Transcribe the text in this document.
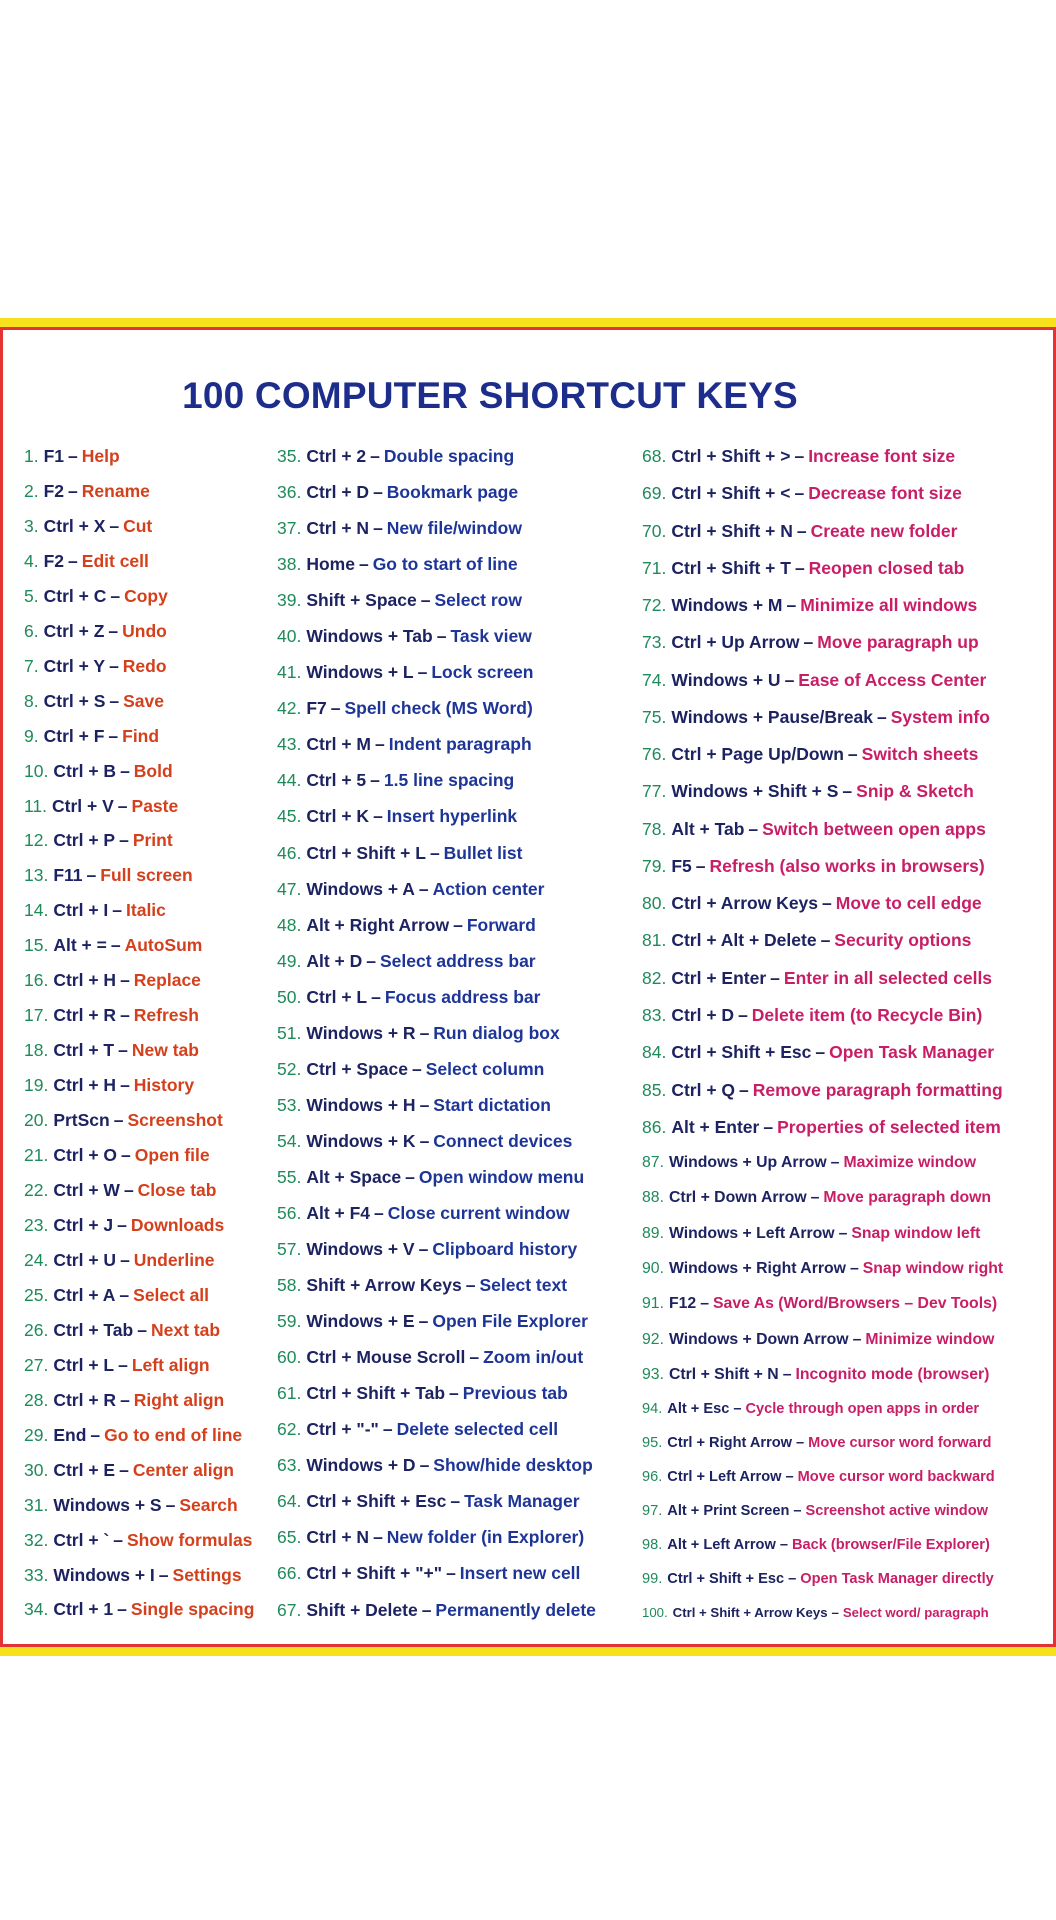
100 COMPUTER SHORTCUT KEYS
1. F1 – Help
2. F2 – Rename
3. Ctrl + X – Cut
4. F2 – Edit cell
5. Ctrl + C – Copy
6. Ctrl + Z – Undo
7. Ctrl + Y – Redo
8. Ctrl + S – Save
9. Ctrl + F – Find
10. Ctrl + B – Bold
11. Ctrl + V – Paste
12. Ctrl + P – Print
13. F11 – Full screen
14. Ctrl + I – Italic
15. Alt + = – AutoSum
16. Ctrl + H – Replace
17. Ctrl + R – Refresh
18. Ctrl + T – New tab
19. Ctrl + H – History
20. PrtScn – Screenshot
21. Ctrl + O – Open file
22. Ctrl + W – Close tab
23. Ctrl + J – Downloads
24. Ctrl + U – Underline
25. Ctrl + A – Select all
26. Ctrl + Tab – Next tab
27. Ctrl + L – Left align
28. Ctrl + R – Right align
29. End – Go to end of line
30. Ctrl + E – Center align
31. Windows + S – Search
32. Ctrl + ` – Show formulas
33. Windows + I – Settings
34. Ctrl + 1 – Single spacing
35. Ctrl + 2 – Double spacing
36. Ctrl + D – Bookmark page
37. Ctrl + N – New file/window
38. Home – Go to start of line
39. Shift + Space – Select row
40. Windows + Tab – Task view
41. Windows + L – Lock screen
42. F7 – Spell check (MS Word)
43. Ctrl + M – Indent paragraph
44. Ctrl + 5 – 1.5 line spacing
45. Ctrl + K – Insert hyperlink
46. Ctrl + Shift + L – Bullet list
47. Windows + A – Action center
48. Alt + Right Arrow – Forward
49. Alt + D – Select address bar
50. Ctrl + L – Focus address bar
51. Windows + R – Run dialog box
52. Ctrl + Space – Select column
53. Windows + H – Start dictation
54. Windows + K – Connect devices
55. Alt + Space – Open window menu
56. Alt + F4 – Close current window
57. Windows + V – Clipboard history
58. Shift + Arrow Keys – Select text
59. Windows + E – Open File Explorer
60. Ctrl + Mouse Scroll – Zoom in/out
61. Ctrl + Shift + Tab – Previous tab
62. Ctrl + "-" – Delete selected cell
63. Windows + D – Show/hide desktop
64. Ctrl + Shift + Esc – Task Manager
65. Ctrl + N – New folder (in Explorer)
66. Ctrl + Shift + "+" – Insert new cell
67. Shift + Delete – Permanently delete
68. Ctrl + Shift + > – Increase font size
69. Ctrl + Shift + < – Decrease font size
70. Ctrl + Shift + N – Create new folder
71. Ctrl + Shift + T – Reopen closed tab
72. Windows + M – Minimize all windows
73. Ctrl + Up Arrow – Move paragraph up
74. Windows + U – Ease of Access Center
75. Windows + Pause/Break – System info
76. Ctrl + Page Up/Down – Switch sheets
77. Windows + Shift + S – Snip & Sketch
78. Alt + Tab – Switch between open apps
79. F5 – Refresh (also works in browsers)
80. Ctrl + Arrow Keys – Move to cell edge
81. Ctrl + Alt + Delete – Security options
82. Ctrl + Enter – Enter in all selected cells
83. Ctrl + D – Delete item (to Recycle Bin)
84. Ctrl + Shift + Esc – Open Task Manager
85. Ctrl + Q – Remove paragraph formatting
86. Alt + Enter – Properties of selected item
87. Windows + Up Arrow – Maximize window
88. Ctrl + Down Arrow – Move paragraph down
89. Windows + Left Arrow – Snap window left
90. Windows + Right Arrow – Snap window right
91. F12 – Save As (Word/Browsers – Dev Tools)
92. Windows + Down Arrow – Minimize window
93. Ctrl + Shift + N – Incognito mode (browser)
94. Alt + Esc – Cycle through open apps in order
95. Ctrl + Right Arrow – Move cursor word forward
96. Ctrl + Left Arrow – Move cursor word backward
97. Alt + Print Screen – Screenshot active window
98. Alt + Left Arrow – Back (browser/File Explorer)
99. Ctrl + Shift + Esc – Open Task Manager directly
100. Ctrl + Shift + Arrow Keys – Select word/ paragraph
